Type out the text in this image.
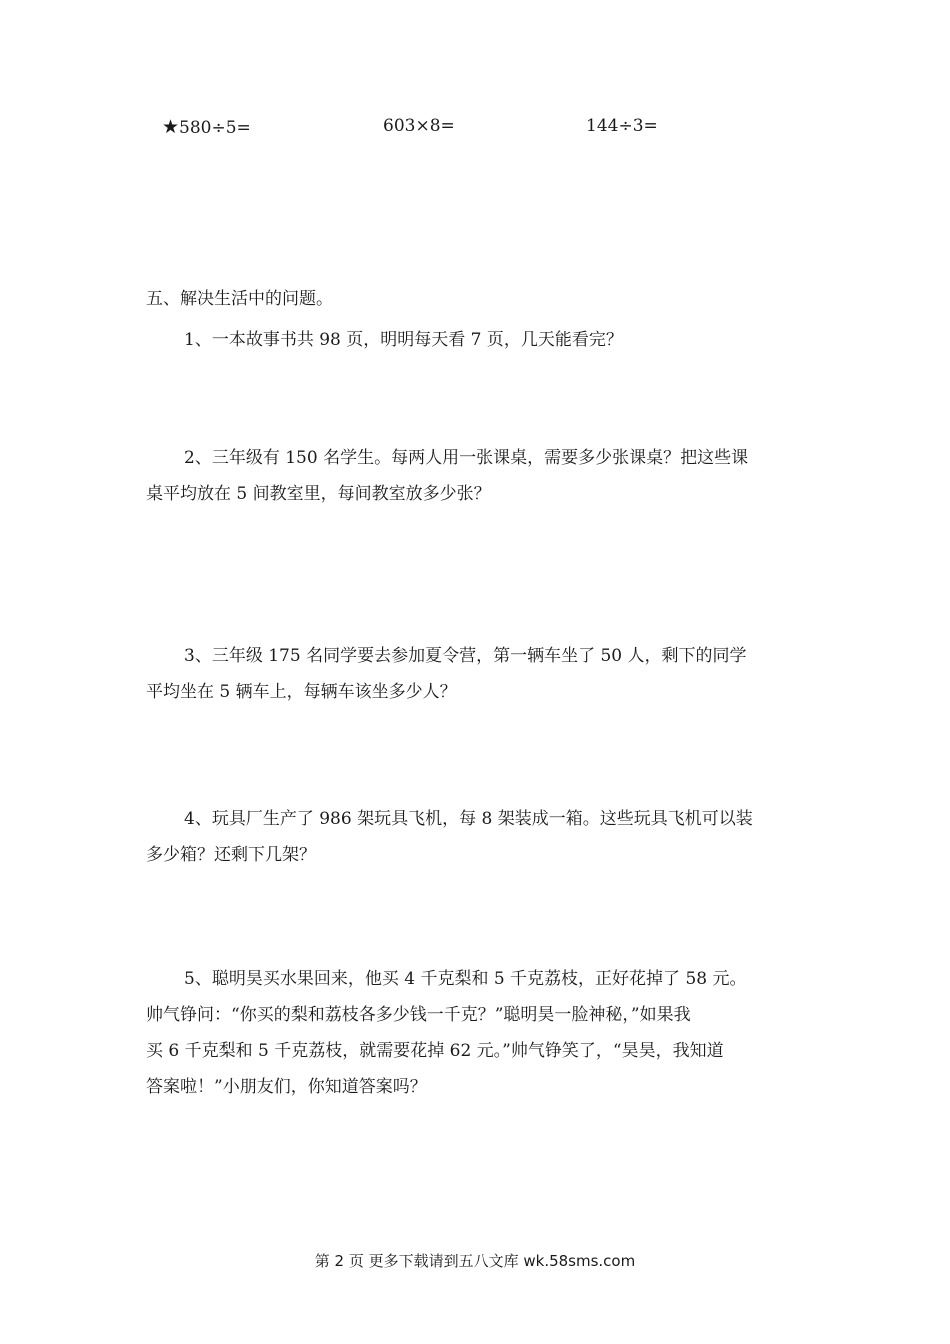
★580÷5=	603×8=	144÷3=
五、解决生活中的问题。
1、一本故事书共 98 页，明明每天看 7 页，几天能看完？
2、三年级有 150 名学生。每两人用一张课桌，需要多少张课桌？把这些课
桌平均放在 5 间教室里，每间教室放多少张？
3、三年级 175 名同学要去参加夏令营，第一辆车坐了 50 人，剩下的同学
平均坐在 5 辆车上，每辆车该坐多少人？
4、玩具厂生产了 986 架玩具飞机，每 8 架装成一箱。这些玩具飞机可以装
多少箱？还剩下几架？
5、聪明昊买水果回来，他买 4 千克梨和 5 千克荔枝，正好花掉了 58 元。
帅气铮问：“你买的梨和荔枝各多少钱一千克？”聪明昊一脸神秘，”如果我
买 6 千克梨和 5 千克荔枝，就需要花掉 62 元。”帅气铮笑了，“昊昊，我知道
答案啦！”小朋友们，你知道答案吗？
第 2 页 更多下载请到五八文库 wk.58sms.com
